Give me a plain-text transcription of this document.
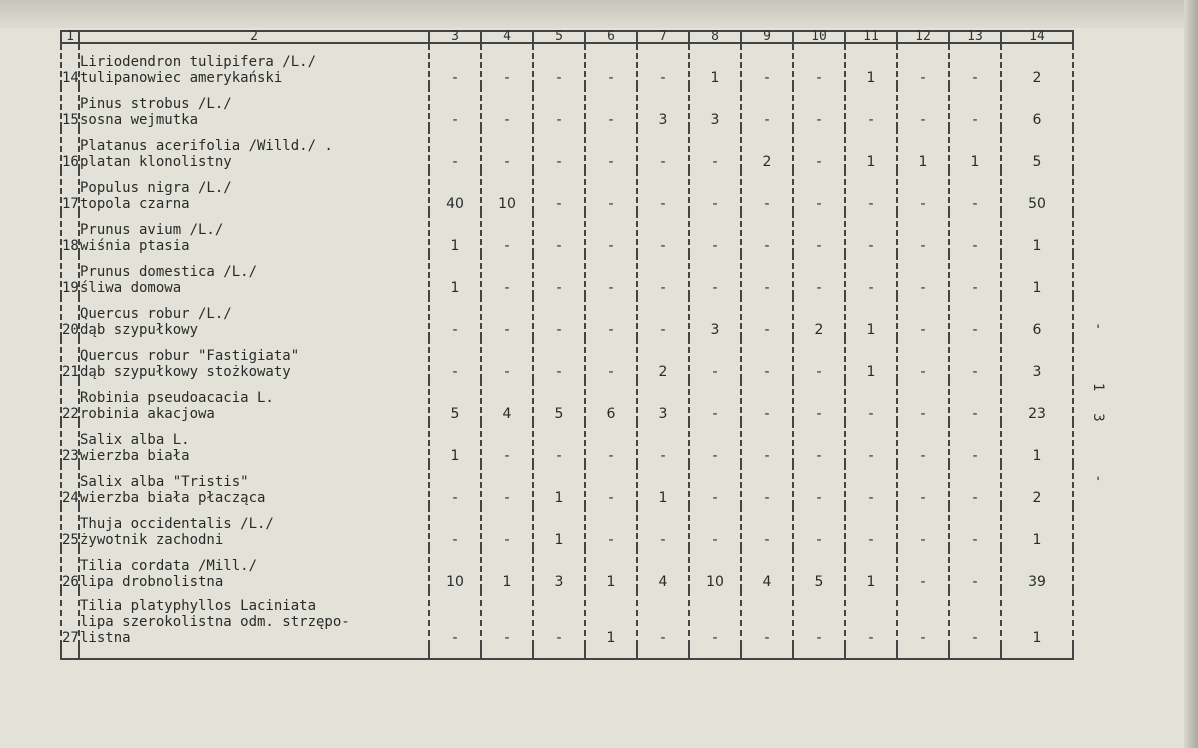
1	2	3	4	5	6	7	8	9	10	11	12	13	14
14	Liriodendron tulipifera /L./
tulipanowiec amerykański	-	-	-	-	-	1	-	-	1	-	-	2
15	Pinus strobus /L./
sosna wejmutka	-	-	-	-	3	3	-	-	-	-	-	6
16	Platanus acerifolia /Willd./ .
platan klonolistny	-	-	-	-	-	-	2	-	1	1	1	5
17	Populus nigra /L./
topola czarna	40	10	-	-	-	-	-	-	-	-	-	50
18	Prunus avium /L./
wiśnia ptasia	1	-	-	-	-	-	-	-	-	-	-	1
19	Prunus domestica /L./
śliwa domowa	1	-	-	-	-	-	-	-	-	-	-	1
20	Quercus robur /L./
dąb szypułkowy	-	-	-	-	-	3	-	2	1	-	-	6
21	Quercus robur "Fastigiata"
dąb szypułkowy stożkowaty	-	-	-	-	2	-	-	-	1	-	-	3
22	Robinia pseudoacacia L.
robinia akacjowa	5	4	5	6	3	-	-	-	-	-	-	23
23	Salix alba L.
wierzba biała	1	-	-	-	-	-	-	-	-	-	-	1
24	Salix alba "Tristis"
wierzba biała płacząca	-	-	1	-	1	-	-	-	-	-	-	2
25	Thuja occidentalis /L./
żywotnik zachodni	-	-	1	-	-	-	-	-	-	-	-	1
26	Tilia cordata /Mill./
lipa drobnolistna	10	1	3	1	4	10	4	5	1	-	-	39
27	Tilia platyphyllos Laciniata
lipa szerokolistna odm. strzępo-
listna	-	-	-	1	-	-	-	-	-	-	-	1

- 13 -
